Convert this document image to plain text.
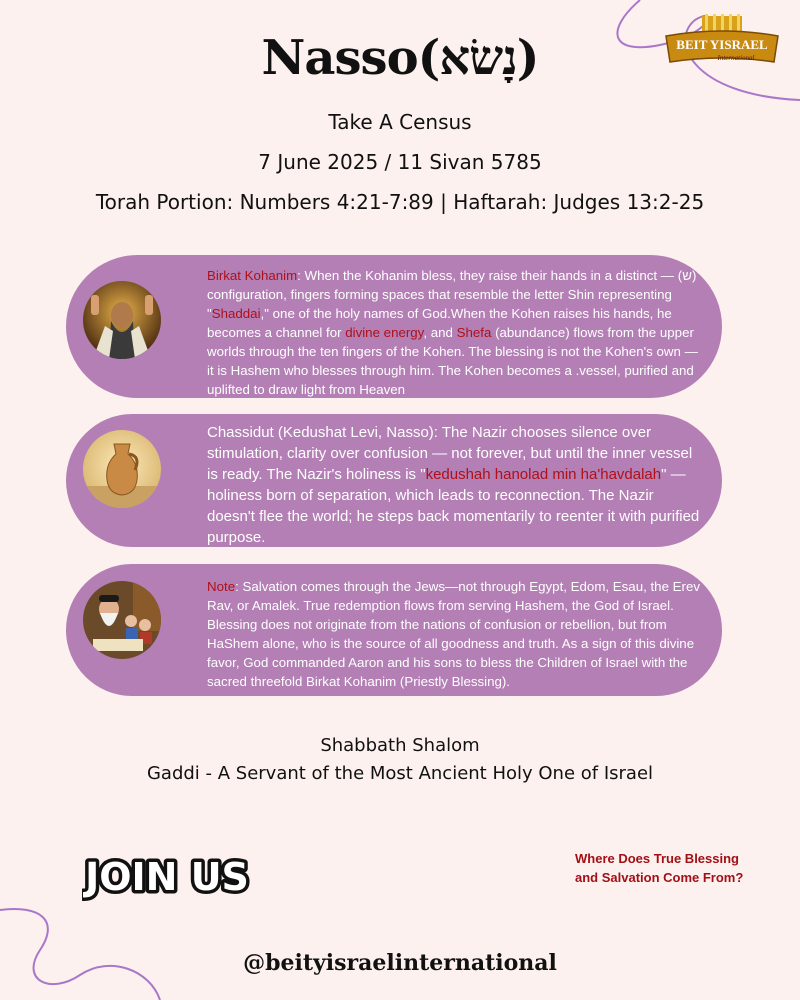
BEIT YISRAEL
International
Nasso(נָשׂא)
Take A Census
7 June 2025 / 11 Sivan 5785
Torah Portion: Numbers 4:21-7:89 | Haftarah: Judges 13:2-25
Birkat Kohanim: When the Kohanim bless, they raise their hands in a distinct — (ש) configuration, fingers forming spaces that resemble the letter Shin representing "Shaddai," one of the holy names of God.When the Kohen raises his hands, he becomes a channel for divine energy, and Shefa (abundance) flows from the upper worlds through the ten fingers of the Kohen. The blessing is not the Kohen's own — it is Hashem who blesses through him. The Kohen becomes a .vessel, purified and uplifted to draw light from Heaven
Chassidut (Kedushat Levi, Nasso): The Nazir chooses silence over stimulation, clarity over confusion — not forever, but until the inner vessel is ready. The Nazir's holiness is "kedushah hanolad min ha'havdalah" — holiness born of separation, which leads to reconnection. The Nazir doesn't flee the world; he steps back momentarily to reenter it with purified purpose.
Note: Salvation comes through the Jews—not through Egypt, Edom, Esau, the Erev Rav, or Amalek. True redemption flows from serving Hashem, the God of Israel. Blessing does not originate from the nations of confusion or rebellion, but from HaShem alone, who is the source of all goodness and truth. As a sign of this divine favor, God commanded Aaron and his sons to bless the Children of Israel with the sacred threefold Birkat Kohanim (Priestly Blessing).
Shabbath Shalom
Gaddi - A Servant of the Most Ancient Holy One of Israel
JOIN US	Where Does True Blessing and Salvation Come From?
@beityisraelinternational
